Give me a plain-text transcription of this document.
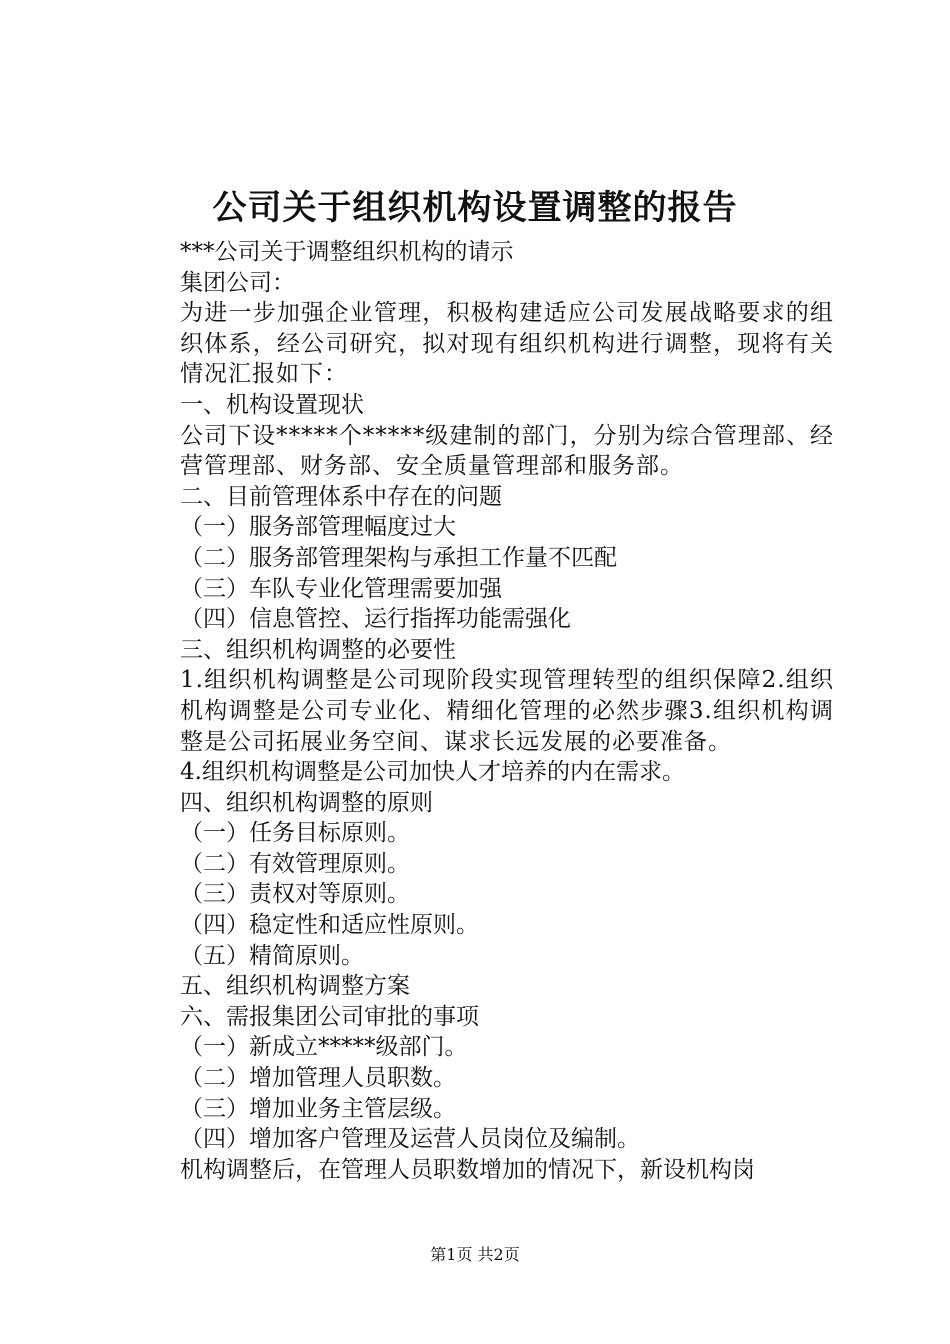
公司关于组织机构设置调整的报告

***公司关于调整组织机构的请示

集团公司：

为进一步加强企业管理，积极构建适应公司发展战略要求的组织体系，经公司研究，拟对现有组织机构进行调整，现将有关情况汇报如下：

一、机构设置现状

公司下设*****个*****级建制的部门，分别为综合管理部、经营管理部、财务部、安全质量管理部和服务部。

二、目前管理体系中存在的问题

（一）服务部管理幅度过大

（二）服务部管理架构与承担工作量不匹配

（三）车队专业化管理需要加强

（四）信息管控、运行指挥功能需强化

三、组织机构调整的必要性

1.组织机构调整是公司现阶段实现管理转型的组织保障2.组织机构调整是公司专业化、精细化管理的必然步骤3.组织机构调整是公司拓展业务空间、谋求长远发展的必要准备。

4.组织机构调整是公司加快人才培养的内在需求。

四、组织机构调整的原则

（一）任务目标原则。

（二）有效管理原则。

（三）责权对等原则。

（四）稳定性和适应性原则。

（五）精简原则。

五、组织机构调整方案

六、需报集团公司审批的事项

（一）新成立*****级部门。

（二）增加管理人员职数。

（三）增加业务主管层级。

（四）增加客户管理及运营人员岗位及编制。

机构调整后，在管理人员职数增加的情况下，新设机构岗

第1页 共2页
